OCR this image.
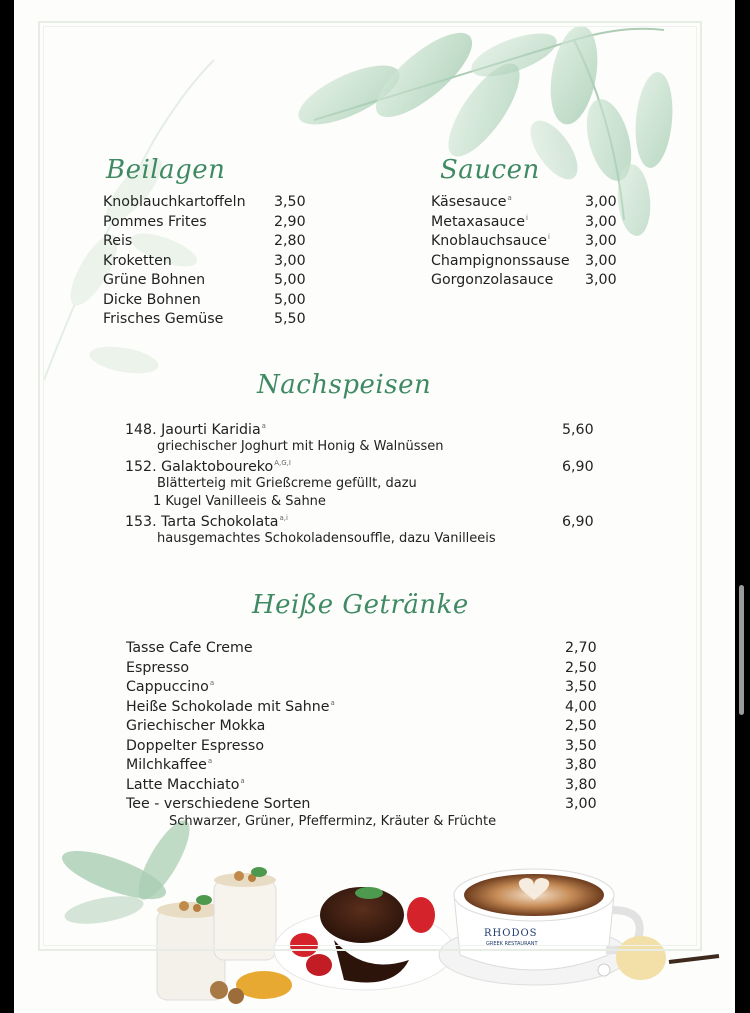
Beilagen
Knoblauchkartoffeln 3,50
Pommes Frites	2,90
Reis	2,80
Kroketten	3,00
Grüne Bohnen	5,00
Dicke Bohnen	5,00
Frisches Gemüse	5,50
Saucen
Käsesauce$^a$	3,00
Metaxasauce$^i$	3,00
Knoblauchsauce$^i$ 3,00
Champignonssause 3,00
Gorgonzolasauce 3,00
Nachspeisen
148. Jaourti Karidia$^a$	5,60
griechischer Joghurt mit Honig & Walnüssen
152. Galaktoboureko$^{A,G,I}$	6,90
Blätterteig mit Grießcreme gefüllt, dazu
1 Kugel Vanilleeis & Sahne
153. Tarta Schokolata$^{a,i}$	6,90
hausgemachtes Schokoladensouffle, dazu Vanilleeis
Heiße Getränke
Tasse Cafe Creme	2,70
Espresso	2,50
Cappuccino$^a$	3,50
Heiße Schokolade mit Sahne$^a$	4,00
Griechischer Mokka	2,50
Doppelter Espresso	3,50
Milchkaffee$^a$	3,80
Latte Macchiato$^a$	3,80
Tee - verschiedene Sorten	3,00
Schwarzer, Grüner, Pfefferminz, Kräuter & Früchte
RHODOS
GREEK RESTAURANT
